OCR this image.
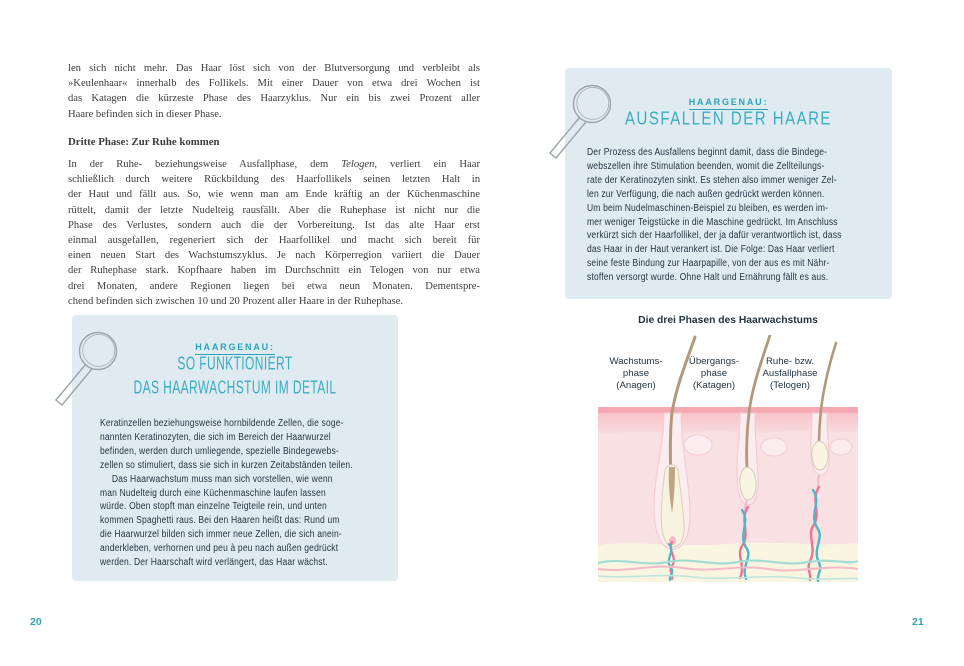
len sich nicht mehr. Das Haar löst sich von der Blutversorgung und verbleibt als
»Keulenhaar« innerhalb des Follikels. Mit einer Dauer von etwa drei Wochen ist
das Katagen die kürzeste Phase des Haarzyklus. Nur ein bis zwei Prozent aller
Haare befinden sich in dieser Phase.
Dritte Phase: Zur Ruhe kommen
In der Ruhe- beziehungsweise Ausfallphase, dem Telogen, verliert ein Haar
schließlich durch weitere Rückbildung des Haarfollikels seinen letzten Halt in
der Haut und fällt aus. So, wie wenn man am Ende kräftig an der Küchenmaschine
rüttelt, damit der letzte Nudelteig rausfällt. Aber die Ruhephase ist nicht nur die
Phase des Verlustes, sondern auch die der Vorbereitung. Ist das alte Haar erst
einmal ausgefallen, regeneriert sich der Haarfollikel und macht sich bereit für
einen neuen Start des Wachstumszyklus. Je nach Körperregion variiert die Dauer
der Ruhephase stark. Kopfhaare haben im Durchschnitt ein Telogen von nur etwa
drei Monaten, andere Regionen liegen bei etwa neun Monaten. Dementspre-
chend befinden sich zwischen 10 und 20 Prozent aller Haare in der Ruhephase.
HAARGENAU:
SO FUNKTIONIERT
DAS HAARWACHSTUM IM DETAIL
Keratinzellen beziehungsweise hornbildende Zellen, die soge-
nannten Keratinozyten, die sich im Bereich der Haarwurzel
befinden, werden durch umliegende, spezielle Bindegewebs-
zellen so stimuliert, dass sie sich in kurzen Zeitabständen teilen.
Das Haarwachstum muss man sich vorstellen, wie wenn
man Nudelteig durch eine Küchenmaschine laufen lassen
würde. Oben stopft man einzelne Teigteile rein, und unten
kommen Spaghetti raus. Bei den Haaren heißt das: Rund um
die Haarwurzel bilden sich immer neue Zellen, die sich anein-
anderkleben, verhornen und peu à peu nach außen gedrückt
werden. Der Haarschaft wird verlängert, das Haar wächst.
20
HAARGENAU:
AUSFALLEN DER HAARE
Der Prozess des Ausfallens beginnt damit, dass die Bindege-
webszellen ihre Stimulation beenden, womit die Zellteilungs-
rate der Keratinozyten sinkt. Es stehen also immer weniger Zel-
len zur Verfügung, die nach außen gedrückt werden können.
Um beim Nudelmaschinen-Beispiel zu bleiben, es werden im-
mer weniger Teigstücke in die Maschine gedrückt. Im Anschluss
verkürzt sich der Haarfollikel, der ja dafür verantwortlich ist, dass
das Haar in der Haut verankert ist. Die Folge: Das Haar verliert
seine feste Bindung zur Haarpapille, von der aus es mit Nähr-
stoffen versorgt wurde. Ohne Halt und Ernährung fällt es aus.
Die drei Phasen des Haarwachstums
Wachstums-
phase
(Anagen)
Übergangs-
phase
(Katagen)
Ruhe- bzw.
Ausfallphase
(Telogen)
21
